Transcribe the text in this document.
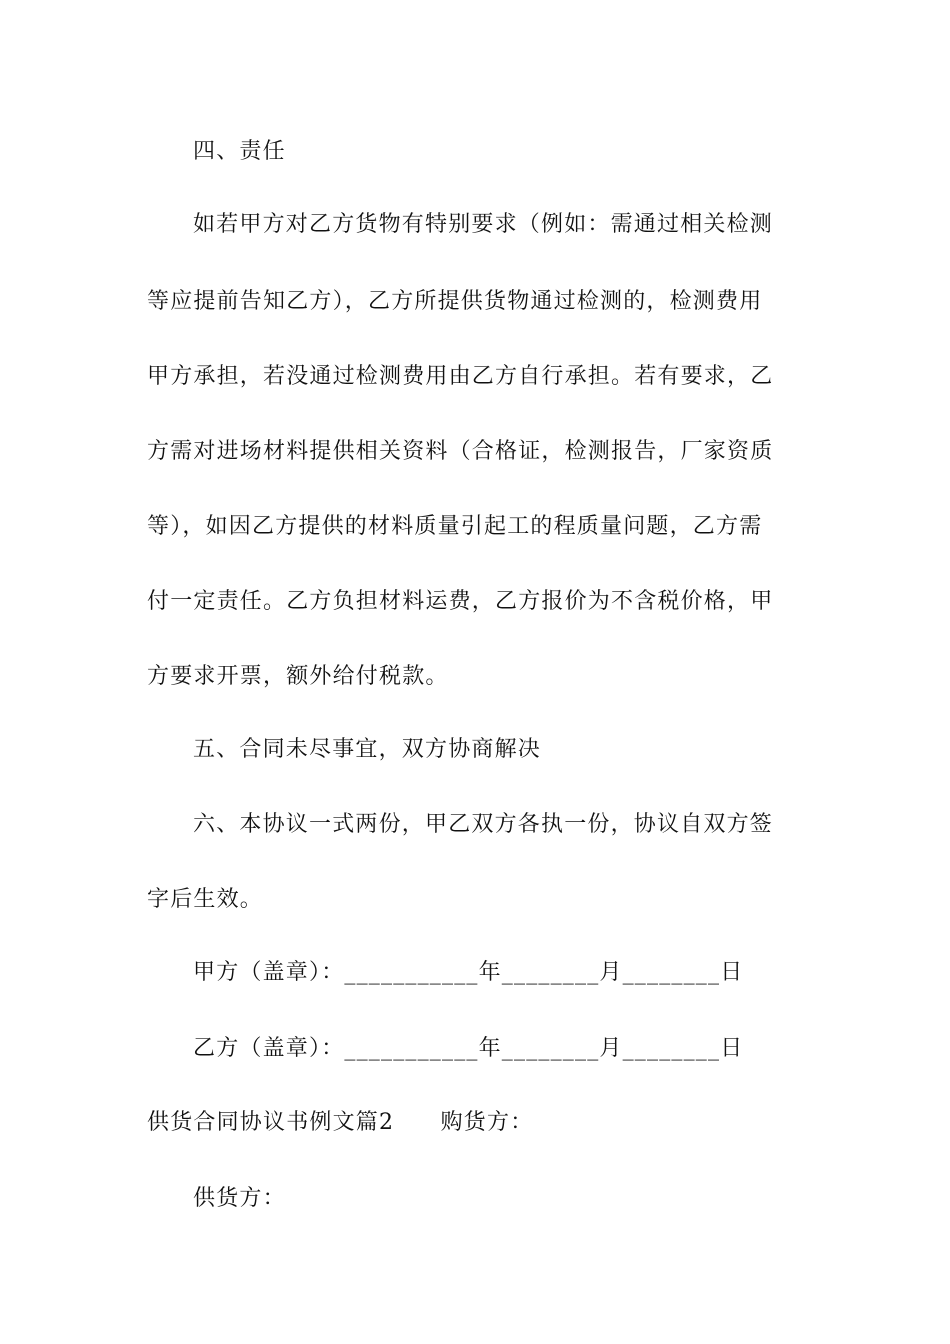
四、责任
如若甲方对乙方货物有特别要求（例如：需通过相关检测
等应提前告知乙方），乙方所提供货物通过检测的，检测费用
甲方承担，若没通过检测费用由乙方自行承担。若有要求，乙
方需对进场材料提供相关资料（合格证，检测报告，厂家资质
等），如因乙方提供的材料质量引起工的程质量问题，乙方需
付一定责任。乙方负担材料运费，乙方报价为不含税价格，甲
方要求开票，额外给付税款。
五、合同未尽事宜，双方协商解决
六、本协议一式两份，甲乙双方各执一份，协议自双方签
字后生效。
甲方（盖章）：___________年________月________日
乙方（盖章）：___________年________月________日
供货合同协议书例文篇2　　购货方：
供货方：
